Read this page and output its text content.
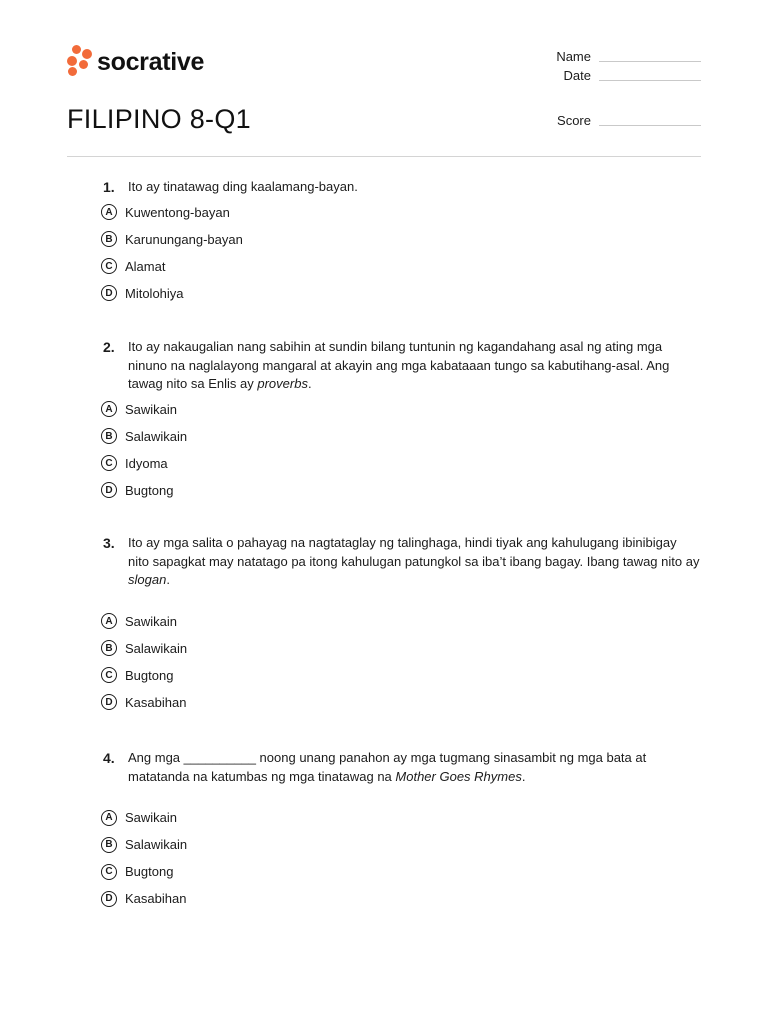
socrative
FILIPINO 8-Q1
Name
Date
Score
1. Ito ay tinatawag ding kaalamang-bayan.
A Kuwentong-bayan
B Karunungang-bayan
C Alamat
D Mitolohiya
2. Ito ay nakaugalian nang sabihin at sundin bilang tuntunin ng kagandahang asal ng ating mga ninuno na naglalayong mangaral at akayin ang mga kabataaan tungo sa kabutihang-asal. Ang tawag nito sa Enlis ay proverbs.
A Sawikain
B Salawikain
C Idyoma
D Bugtong
3. Ito ay mga salita o pahayag na nagtataglay ng talinghaga, hindi tiyak ang kahulugang ibinibigay nito sapagkat may natatago pa itong kahulugan patungkol sa iba’t ibang bagay. Ibang tawag nito ay slogan.
A Sawikain
B Salawikain
C Bugtong
D Kasabihan
4. Ang mga __________ noong unang panahon ay mga tugmang sinasambit ng mga bata at matatanda na katumbas ng mga tinatawag na Mother Goes Rhymes.
A Sawikain
B Salawikain
C Bugtong
D Kasabihan
